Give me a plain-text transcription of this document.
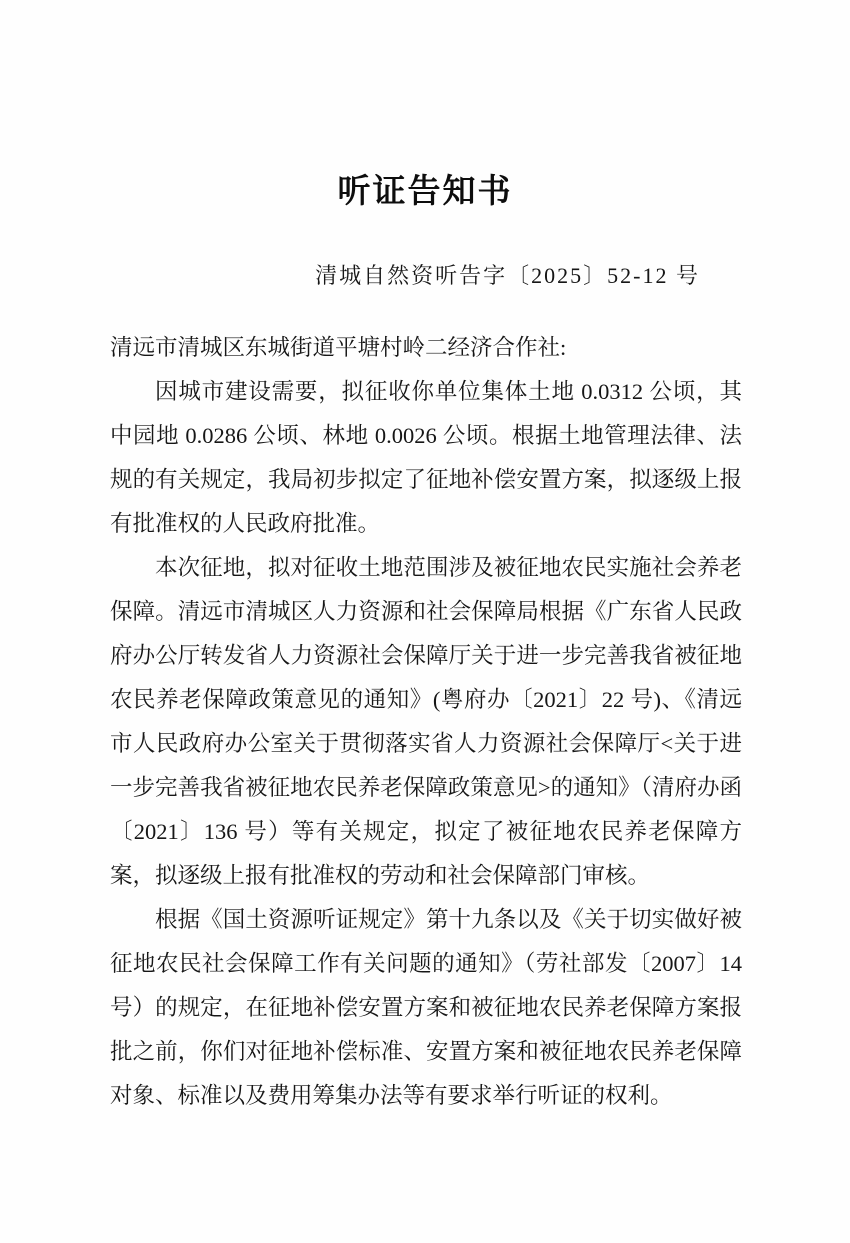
听证告知书
清城自然资听告字〔2025〕52-12 号

清远市清城区东城街道平塘村岭二经济合作社:

因城市建设需要，拟征收你单位集体土地 0.0312 公顷，其中园地 0.0286 公顷、林地 0.0026 公顷。根据土地管理法律、法规的有关规定，我局初步拟定了征地补偿安置方案，拟逐级上报有批准权的人民政府批准。

本次征地，拟对征收土地范围涉及被征地农民实施社会养老保障。清远市清城区人力资源和社会保障局根据《广东省人民政府办公厅转发省人力资源社会保障厅关于进一步完善我省被征地农民养老保障政策意见的通知》(粤府办〔2021〕22 号)、《清远市人民政府办公室关于贯彻落实省人力资源社会保障厅<关于进一步完善我省被征地农民养老保障政策意见>的通知》（清府办函〔2021〕136 号）等有关规定，拟定了被征地农民养老保障方案，拟逐级上报有批准权的劳动和社会保障部门审核。

根据《国土资源听证规定》第十九条以及《关于切实做好被征地农民社会保障工作有关问题的通知》（劳社部发〔2007〕14 号）的规定，在征地补偿安置方案和被征地农民养老保障方案报批之前，你们对征地补偿标准、安置方案和被征地农民养老保障对象、标准以及费用筹集办法等有要求举行听证的权利。
